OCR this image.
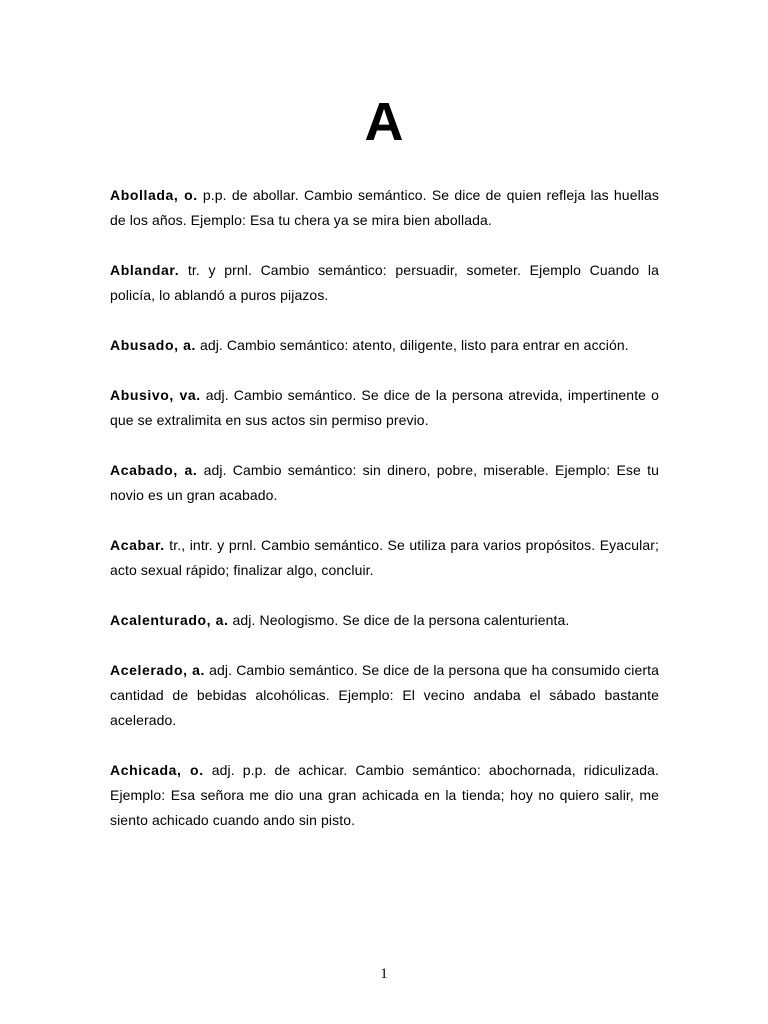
A

Abollada, o. p.p. de abollar. Cambio semántico. Se dice de quien refleja las huellas de los años. Ejemplo: Esa tu chera ya se mira bien abollada.

Ablandar. tr. y prnl. Cambio semántico: persuadir, someter. Ejemplo Cuando la policía, lo ablandó a puros pijazos.

Abusado, a. adj. Cambio semántico: atento, diligente, listo para entrar en acción.

Abusivo, va. adj. Cambio semántico. Se dice de la persona atrevida, impertinente o que se extralimita en sus actos sin permiso previo.

Acabado, a. adj. Cambio semántico: sin dinero, pobre, miserable. Ejemplo: Ese tu novio es un gran acabado.

Acabar. tr., intr. y prnl. Cambio semántico. Se utiliza para varios propósitos. Eyacular; acto sexual rápido; finalizar algo, concluir.

Acalenturado, a. adj. Neologismo. Se dice de la persona calenturienta.

Acelerado, a. adj. Cambio semántico. Se dice de la persona que ha consumido cierta cantidad de bebidas alcohólicas. Ejemplo: El vecino andaba el sábado bastante acelerado.

Achicada, o. adj. p.p. de achicar. Cambio semántico: abochornada, ridiculizada. Ejemplo: Esa señora me dio una gran achicada en la tienda; hoy no quiero salir, me siento achicado cuando ando sin pisto.

1
